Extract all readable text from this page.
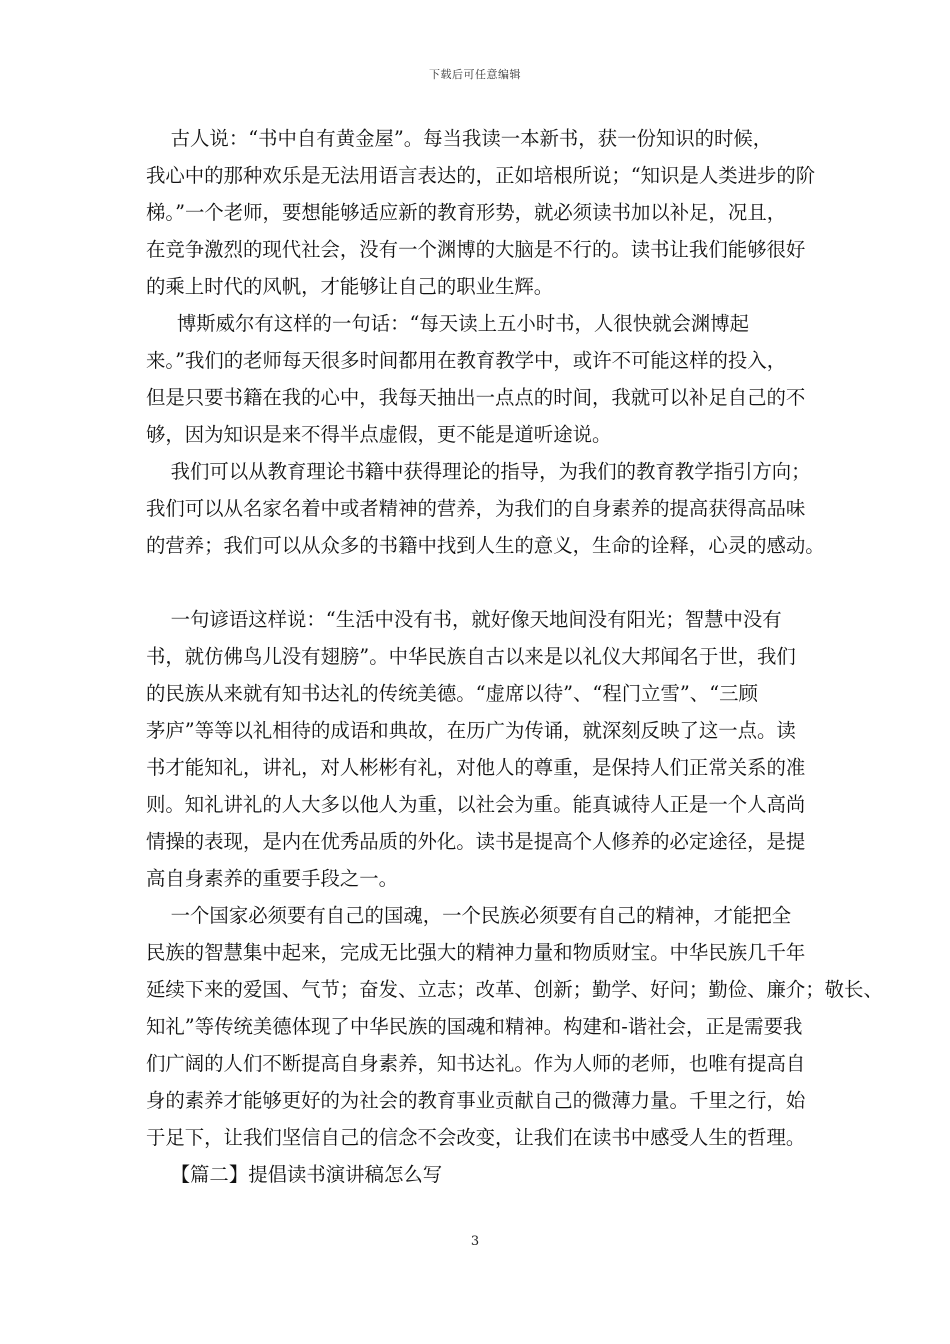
下载后可任意编辑
古人说：“书中自有黄金屋”。每当我读一本新书，获一份知识的时候，
我心中的那种欢乐是无法用语言表达的，正如培根所说；“知识是人类进步的阶
梯。”一个老师，要想能够适应新的教育形势，就必须读书加以补足，况且，
在竞争激烈的现代社会，没有一个渊博的大脑是不行的。读书让我们能够很好
的乘上时代的风帆，才能够让自己的职业生辉。
博斯威尔有这样的一句话：“每天读上五小时书，人很快就会渊博起
来。”我们的老师每天很多时间都用在教育教学中，或许不可能这样的投入，
但是只要书籍在我的心中，我每天抽出一点点的时间，我就可以补足自己的不
够，因为知识是来不得半点虚假，更不能是道听途说。
我们可以从教育理论书籍中获得理论的指导，为我们的教育教学指引方向；
我们可以从名家名着中或者精神的营养，为我们的自身素养的提高获得高品味
的营养；我们可以从众多的书籍中找到人生的意义，生命的诠释，心灵的感动。
一句谚语这样说：“生活中没有书，就好像天地间没有阳光；智慧中没有
书，就仿佛鸟儿没有翅膀”。中华民族自古以来是以礼仪大邦闻名于世，我们
的民族从来就有知书达礼的传统美德。“虚席以待”、“程门立雪”、“三顾
茅庐”等等以礼相待的成语和典故，在历广为传诵，就深刻反映了这一点。读
书才能知礼，讲礼，对人彬彬有礼，对他人的尊重，是保持人们正常关系的准
则。知礼讲礼的人大多以他人为重，以社会为重。能真诚待人正是一个人高尚
情操的表现，是内在优秀品质的外化。读书是提高个人修养的必定途径，是提
高自身素养的重要手段之一。
一个国家必须要有自己的国魂，一个民族必须要有自己的精神，才能把全
民族的智慧集中起来，完成无比强大的精神力量和物质财宝。中华民族几千年
延续下来的爱国、气节；奋发、立志；改革、创新；勤学、好问；勤俭、廉介；敬长、
知礼”等传统美德体现了中华民族的国魂和精神。构建和-谐社会，正是需要我
们广阔的人们不断提高自身素养，知书达礼。作为人师的老师，也唯有提高自
身的素养才能够更好的为社会的教育事业贡献自己的微薄力量。千里之行，始
于足下，让我们坚信自己的信念不会改变，让我们在读书中感受人生的哲理。
【篇二】提倡读书演讲稿怎么写
3
